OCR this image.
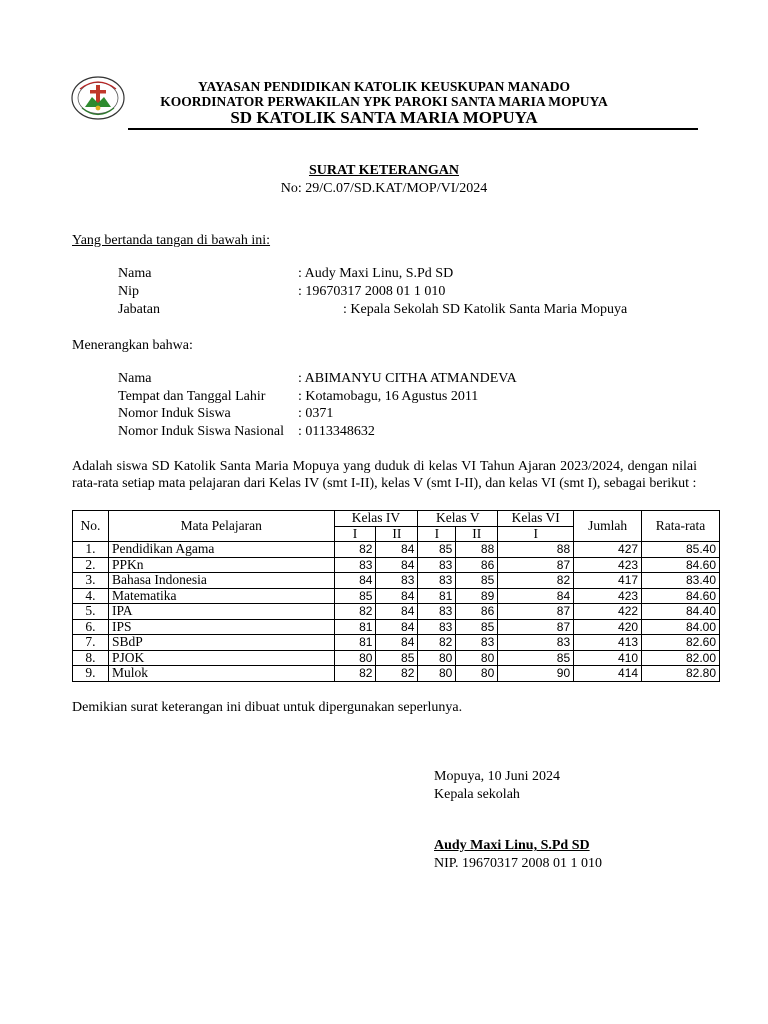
YAYASAN PENDIDIKAN KATOLIK KEUSKUPAN MANADO
KOORDINATOR PERWAKILAN YPK PAROKI SANTA MARIA MOPUYA
SD KATOLIK SANTA MARIA MOPUYA
SURAT KETERANGAN
No: 29/C.07/SD.KAT/MOP/VI/2024
Yang bertanda tangan di bawah ini:
Nama	: Audy Maxi Linu, S.Pd SD
Nip	: 19670317 2008 01 1 010
Jabatan	: Kepala Sekolah SD Katolik Santa Maria Mopuya
Menerangkan bahwa:
Nama	: ABIMANYU CITHA ATMANDEVA
Tempat dan Tanggal Lahir : Kotamobagu, 16 Agustus 2011
Nomor Induk Siswa	: 0371
Nomor Induk Siswa Nasional : 0113348632
Adalah siswa SD Katolik Santa Maria Mopuya yang duduk di kelas VI Tahun Ajaran 2023/2024, dengan nilai rata-rata setiap mata pelajaran dari Kelas IV (smt I-II), kelas V (smt I-II), dan kelas VI (smt I), sebagai berikut :
No.	Mata Pelajaran	Kelas IV		Kelas V		Kelas VI	Jumlah	Rata-rata
		I	II	I	II	I		
1.	Pendidikan Agama	82	84	85	88	88	427	85.40
2.	PPKn	83	84	83	86	87	423	84.60
3.	Bahasa Indonesia	84	83	83	85	82	417	83.40
4.	Matematika	85	84	81	89	84	423	84.60
5.	IPA	82	84	83	86	87	422	84.40
6.	IPS	81	84	83	85	87	420	84.00
7.	SBdP	81	84	82	83	83	413	82.60
8.	PJOK	80	85	80	80	85	410	82.00
9.	Mulok	82	82	80	80	90	414	82.80
Demikian surat keterangan ini dibuat untuk dipergunakan seperlunya.
Mopuya, 10 Juni 2024
Kepala sekolah
Audy Maxi Linu, S.Pd SD
NIP. 19670317 2008 01 1 010
